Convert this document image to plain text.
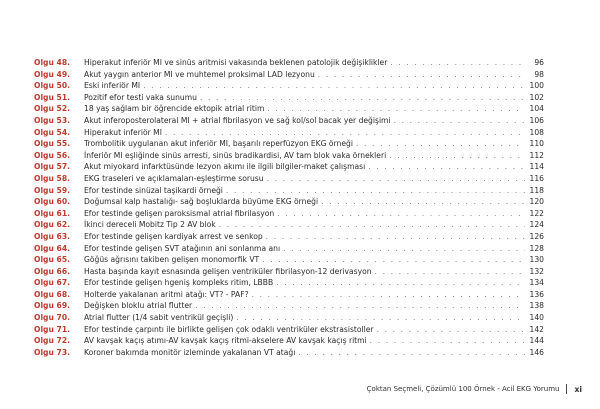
Olgu 48.	Hiperakut inferiör MI ve sinüs aritmisi vakasında beklenen patolojik değişiklikler . . .	96
Olgu 49.	Akut yaygın anterior MI ve muhtemel proksimal LAD lezyonu . . .	98
Olgu 50.	Eski inferiör MI . . .	100
Olgu 51.	Pozitif efor testi vaka sunumu . . .	102
Olgu 52.	18 yaş sağlam bir öğrencide ektopik atrial ritim . . .	104
Olgu 53.	Akut inferoposterolateral MI + atrial fibrilasyon ve sağ kol/sol bacak yer değişimi . . .	106
Olgu 54.	Hiperakut inferiör MI . . .	108
Olgu 55.	Trombolitik uygulanan akut inferiör MI, başarılı reperfüzyon EKG örneği . . .	110
Olgu 56.	İnferiör MI eşliğinde sinüs arresti, sinüs bradikardisi, AV tam blok vaka örnekleri . . .	112
Olgu 57.	Akut miyokard infarktüsünde lezyon akımı ile ilgili bilgiler-maket çalışması . . .	114
Olgu 58.	EKG traseleri ve açıklamaları-eşleştirme sorusu . . .	116
Olgu 59.	Efor testinde sinüzal taşikardi örneği . . .	118
Olgu 60.	Doğumsal kalp hastalığı- sağ boşluklarda büyüme EKG örneği . . .	120
Olgu 61.	Efor testinde gelişen paroksismal atrial fibrilasyon . . .	122
Olgu 62.	İkinci dereceli Mobitz Tip 2 AV blok . . .	124
Olgu 63.	Efor testinde gelişen kardiyak arrest ve senkop . . .	126
Olgu 64.	Efor testinde gelişen SVT atağının ani sonlanma anı . . .	128
Olgu 65.	Göğüs ağrısını takiben gelişen monomorfik VT . . .	130
Olgu 66.	Hasta başında kayıt esnasında gelişen ventriküler fibrilasyon-12 derivasyon . . .	132
Olgu 67.	Efor testinde gelişen hgeniş kompleks ritim, LBBB . . .	134
Olgu 68.	Holterde yakalanan aritmi atağı: VT? - PAF? . . .	136
Olgu 69.	Değişken bloklu atrial flutter . . .	138
Olgu 70.	Atrial flutter (1/4 sabit ventrikül geçişli) . . .	140
Olgu 71.	Efor testinde çarpıntı ile birlikte gelişen çok odaklı ventriküler ekstrasistoller . . .	142
Olgu 72.	AV kavşak kaçış atımı-AV kavşak kaçış ritmi-akselere AV kavşak kaçış ritmi . . .	144
Olgu 73.	Koroner bakımda monitör izleminde yakalanan VT atağı . . .	146
Çoktan Seçmeli, Çözümlü 100 Örnek - Acil EKG Yorumu xi
